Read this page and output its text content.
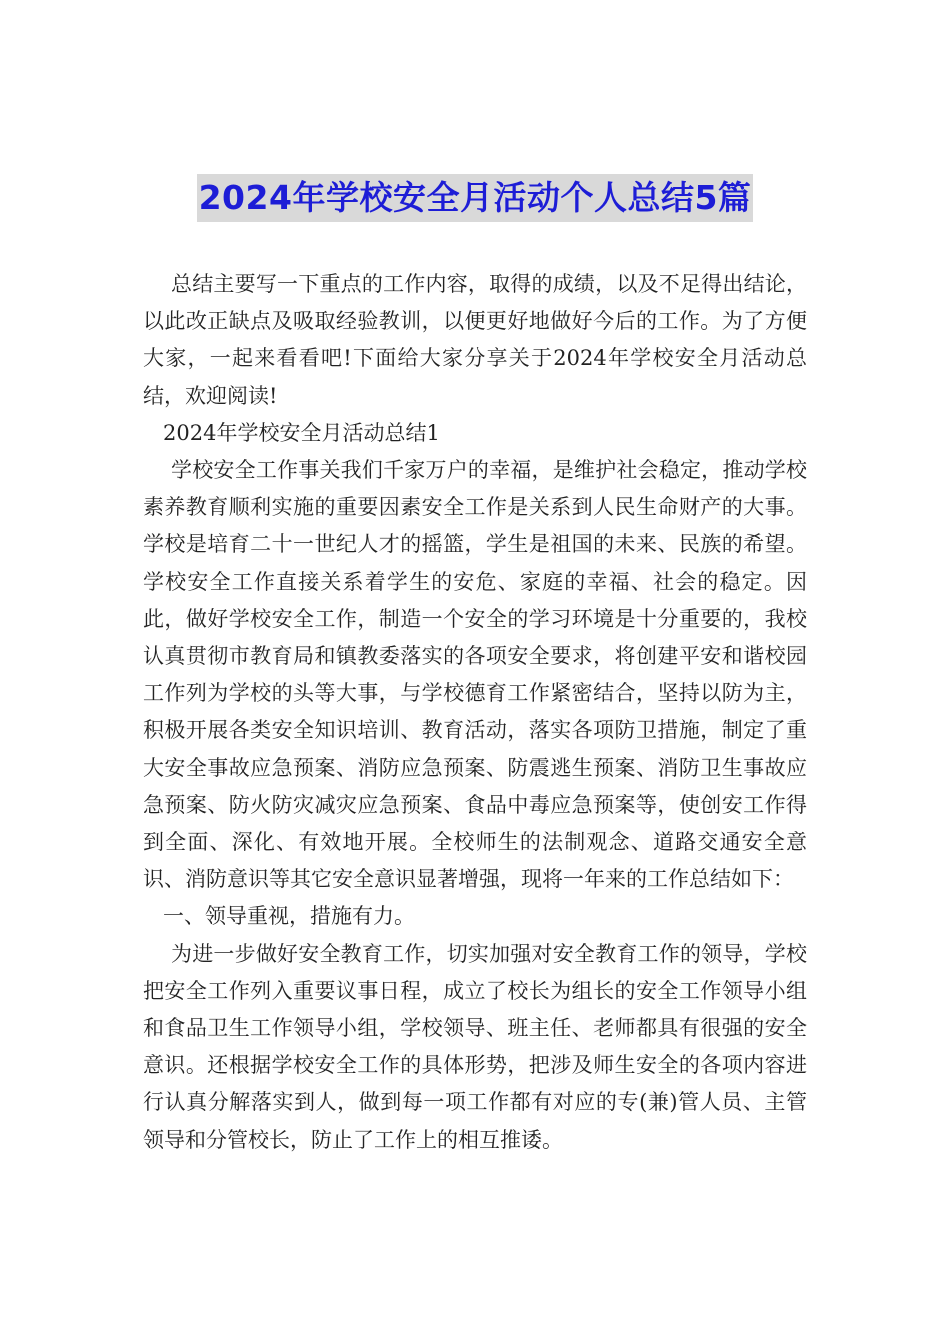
2024年学校安全月活动个人总结5篇

总结主要写一下重点的工作内容，取得的成绩，以及不足得出结论，以此改正缺点及吸取经验教训，以便更好地做好今后的工作。为了方便大家，一起来看看吧!下面给大家分享关于2024年学校安全月活动总结，欢迎阅读!

2024年学校安全月活动总结1

学校安全工作事关我们千家万户的幸福，是维护社会稳定，推动学校素养教育顺利实施的重要因素安全工作是关系到人民生命财产的大事。学校是培育二十一世纪人才的摇篮，学生是祖国的未来、民族的希望。学校安全工作直接关系着学生的安危、家庭的幸福、社会的稳定。因此，做好学校安全工作，制造一个安全的学习环境是十分重要的，我校认真贯彻市教育局和镇教委落实的各项安全要求，将创建平安和谐校园工作列为学校的头等大事，与学校德育工作紧密结合，坚持以防为主，积极开展各类安全知识培训、教育活动，落实各项防卫措施，制定了重大安全事故应急预案、消防应急预案、防震逃生预案、消防卫生事故应急预案、防火防灾减灾应急预案、食品中毒应急预案等，使创安工作得到全面、深化、有效地开展。全校师生的法制观念、道路交通安全意识、消防意识等其它安全意识显著增强，现将一年来的工作总结如下：

一、领导重视，措施有力。

为进一步做好安全教育工作，切实加强对安全教育工作的领导，学校把安全工作列入重要议事日程，成立了校长为组长的安全工作领导小组和食品卫生工作领导小组，学校领导、班主任、老师都具有很强的安全意识。还根据学校安全工作的具体形势，把涉及师生安全的各项内容进行认真分解落实到人，做到每一项工作都有对应的专(兼)管人员、主管领导和分管校长，防止了工作上的相互推诿。
